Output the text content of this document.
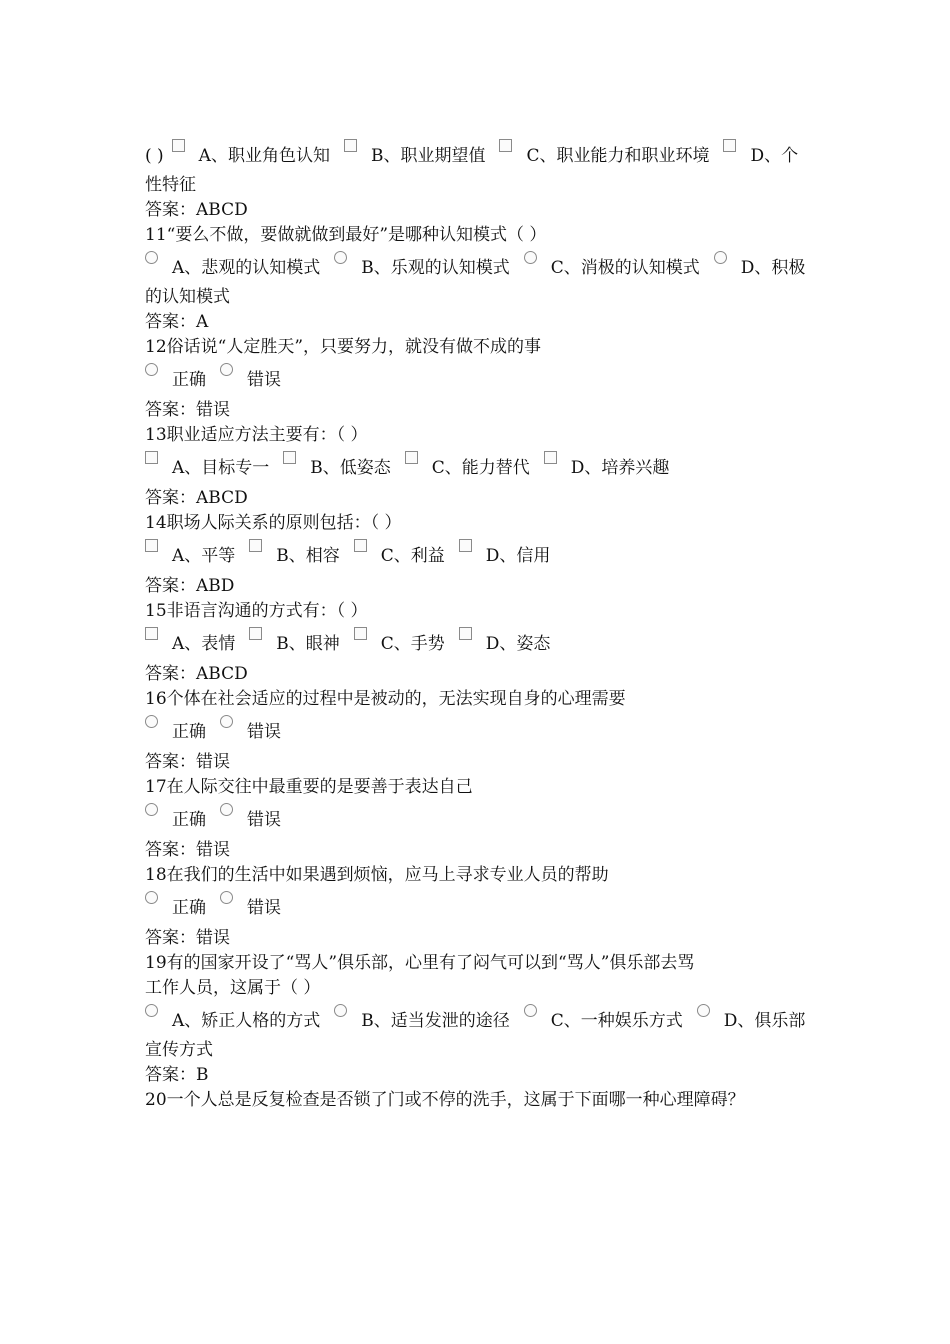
( ) A、职业角色认知 B、职业期望值 C、职业能力和职业环境 D、个
性特征
答案：ABCD
11“要么不做，要做就做到最好”是哪种认知模式（ ）
A、悲观的认知模式 B、乐观的认知模式 C、消极的认知模式 D、积极
的认知模式
答案：A
12俗话说“人定胜天”，只要努力，就没有做不成的事
正确 错误
答案：错误
13职业适应方法主要有：（ ）
A、目标专一 B、低姿态 C、能力替代 D、培养兴趣
答案：ABCD
14职场人际关系的原则包括：（ ）
A、平等 B、相容 C、利益 D、信用
答案：ABD
15非语言沟通的方式有：（ ）
A、表情 B、眼神 C、手势 D、姿态
答案：ABCD
16个体在社会适应的过程中是被动的，无法实现自身的心理需要
正确 错误
答案：错误
17在人际交往中最重要的是要善于表达自己
正确 错误
答案：错误
18在我们的生活中如果遇到烦恼，应马上寻求专业人员的帮助
正确 错误
答案：错误
19有的国家开设了“骂人”俱乐部，心里有了闷气可以到“骂人”俱乐部去骂
工作人员，这属于（ ）
A、矫正人格的方式 B、适当发泄的途径 C、一种娱乐方式 D、俱乐部
宣传方式
答案：B
20一个人总是反复检查是否锁了门或不停的洗手，这属于下面哪一种心理障碍？
